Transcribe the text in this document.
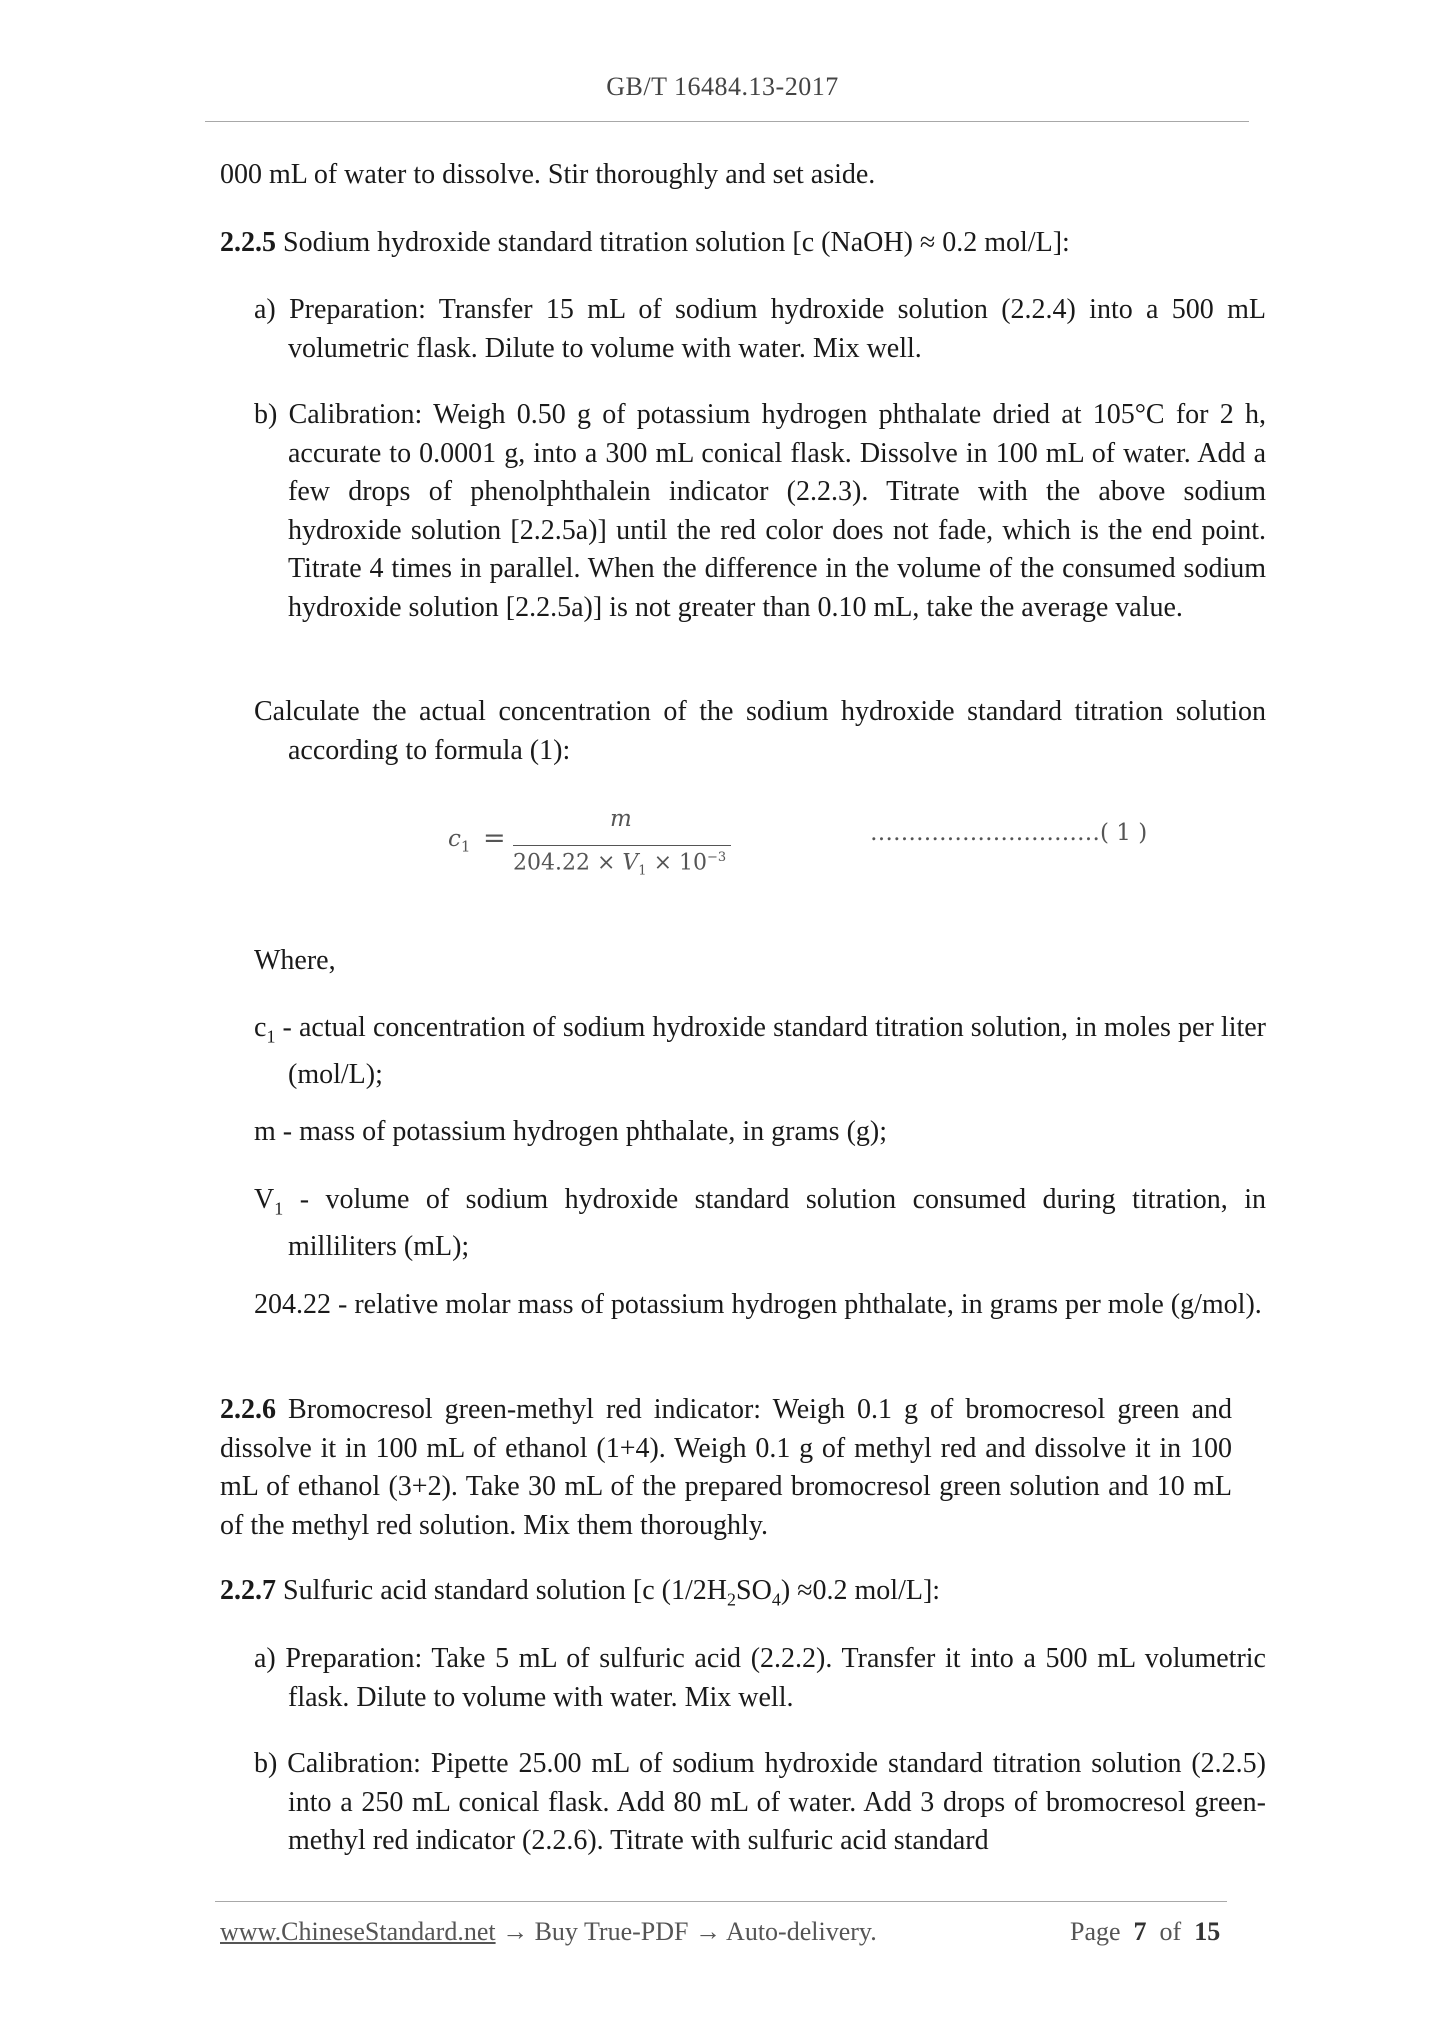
GB/T 16484.13-2017
000 mL of water to dissolve. Stir thoroughly and set aside.
2.2.5 Sodium hydroxide standard titration solution [c (NaOH) ≈ 0.2 mol/L]:
a) Preparation: Transfer 15 mL of sodium hydroxide solution (2.2.4) into a 500 mL volumetric flask. Dilute to volume with water. Mix well.
b) Calibration: Weigh 0.50 g of potassium hydrogen phthalate dried at 105°C for 2 h, accurate to 0.0001 g, into a 300 mL conical flask. Dissolve in 100 mL of water. Add a few drops of phenolphthalein indicator (2.2.3). Titrate with the above sodium hydroxide solution [2.2.5a)] until the red color does not fade, which is the end point. Titrate 4 times in parallel. When the difference in the volume of the consumed sodium hydroxide solution [2.2.5a)] is not greater than 0.10 mL, take the average value.
Calculate the actual concentration of the sodium hydroxide standard titration solution according to formula (1):
$c_1$ =
m
$204.22 \times V_1 \times 10^{-3}$
…………………………( 1 )
Where,
$c_1$ - actual concentration of sodium hydroxide standard titration solution, in moles per liter (mol/L);
m - mass of potassium hydrogen phthalate, in grams (g);
$V_1$ - volume of sodium hydroxide standard solution consumed during titration, in milliliters (mL);
204.22 - relative molar mass of potassium hydrogen phthalate, in grams per mole (g/mol).
2.2.6 Bromocresol green-methyl red indicator: Weigh 0.1 g of bromocresol green and dissolve it in 100 mL of ethanol (1+4). Weigh 0.1 g of methyl red and dissolve it in 100 mL of ethanol (3+2). Take 30 mL of the prepared bromocresol green solution and 10 mL of the methyl red solution. Mix them thoroughly.
2.2.7 Sulfuric acid standard solution [c $(1/2H_2SO_4) \approx 0.2$ mol/L]:
a) Preparation: Take 5 mL of sulfuric acid (2.2.2). Transfer it into a 500 mL volumetric flask. Dilute to volume with water. Mix well.
b) Calibration: Pipette 25.00 mL of sodium hydroxide standard titration solution (2.2.5) into a 250 mL conical flask. Add 80 mL of water. Add 3 drops of bromocresol green-methyl red indicator (2.2.6). Titrate with sulfuric acid standard
www.ChineseStandard.net → Buy True-PDF → Auto-delivery.	Page 7 of 15
